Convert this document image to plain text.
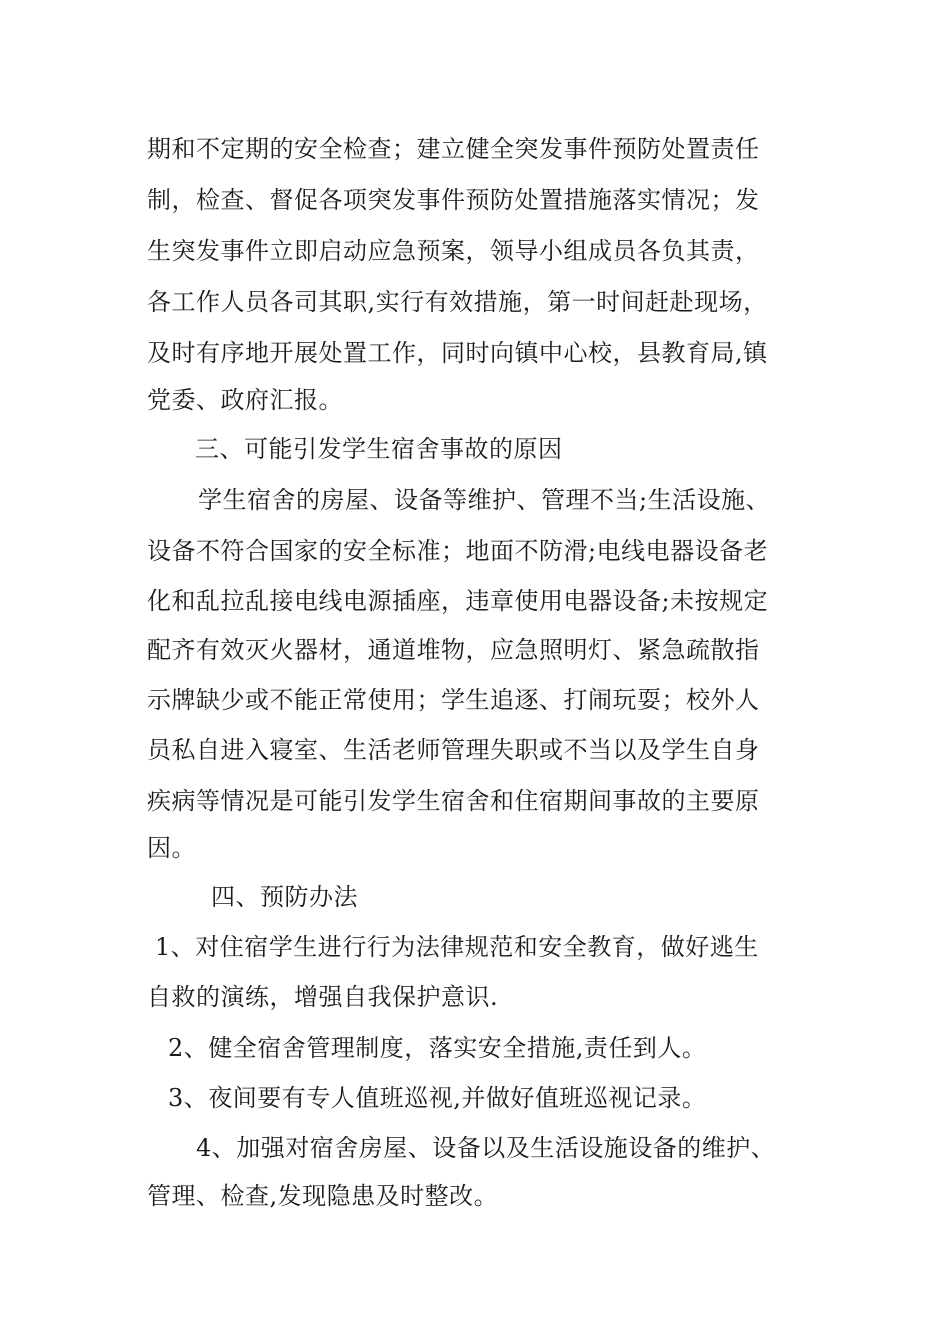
期和不定期的安全检查；建立健全突发事件预防处置责任
制，检查、督促各项突发事件预防处置措施落实情况；发
生突发事件立即启动应急预案，领导小组成员各负其责，
各工作人员各司其职,实行有效措施，第一时间赶赴现场，
及时有序地开展处置工作，同时向镇中心校，县教育局,镇
党委、政府汇报。
三、可能引发学生宿舍事故的原因
学生宿舍的房屋、设备等维护、管理不当;生活设施、
设备不符合国家的安全标准；地面不防滑;电线电器设备老
化和乱拉乱接电线电源插座，违章使用电器设备;未按规定
配齐有效灭火器材，通道堆物，应急照明灯、紧急疏散指
示牌缺少或不能正常使用；学生追逐、打闹玩耍；校外人
员私自进入寝室、生活老师管理失职或不当以及学生自身
疾病等情况是可能引发学生宿舍和住宿期间事故的主要原
因。
四、预防办法
1、对住宿学生进行行为法律规范和安全教育，做好逃生
自救的演练，增强自我保护意识.
2、健全宿舍管理制度，落实安全措施,责任到人。
3、夜间要有专人值班巡视,并做好值班巡视记录。
4、加强对宿舍房屋、设备以及生活设施设备的维护、
管理、检查,发现隐患及时整改。
